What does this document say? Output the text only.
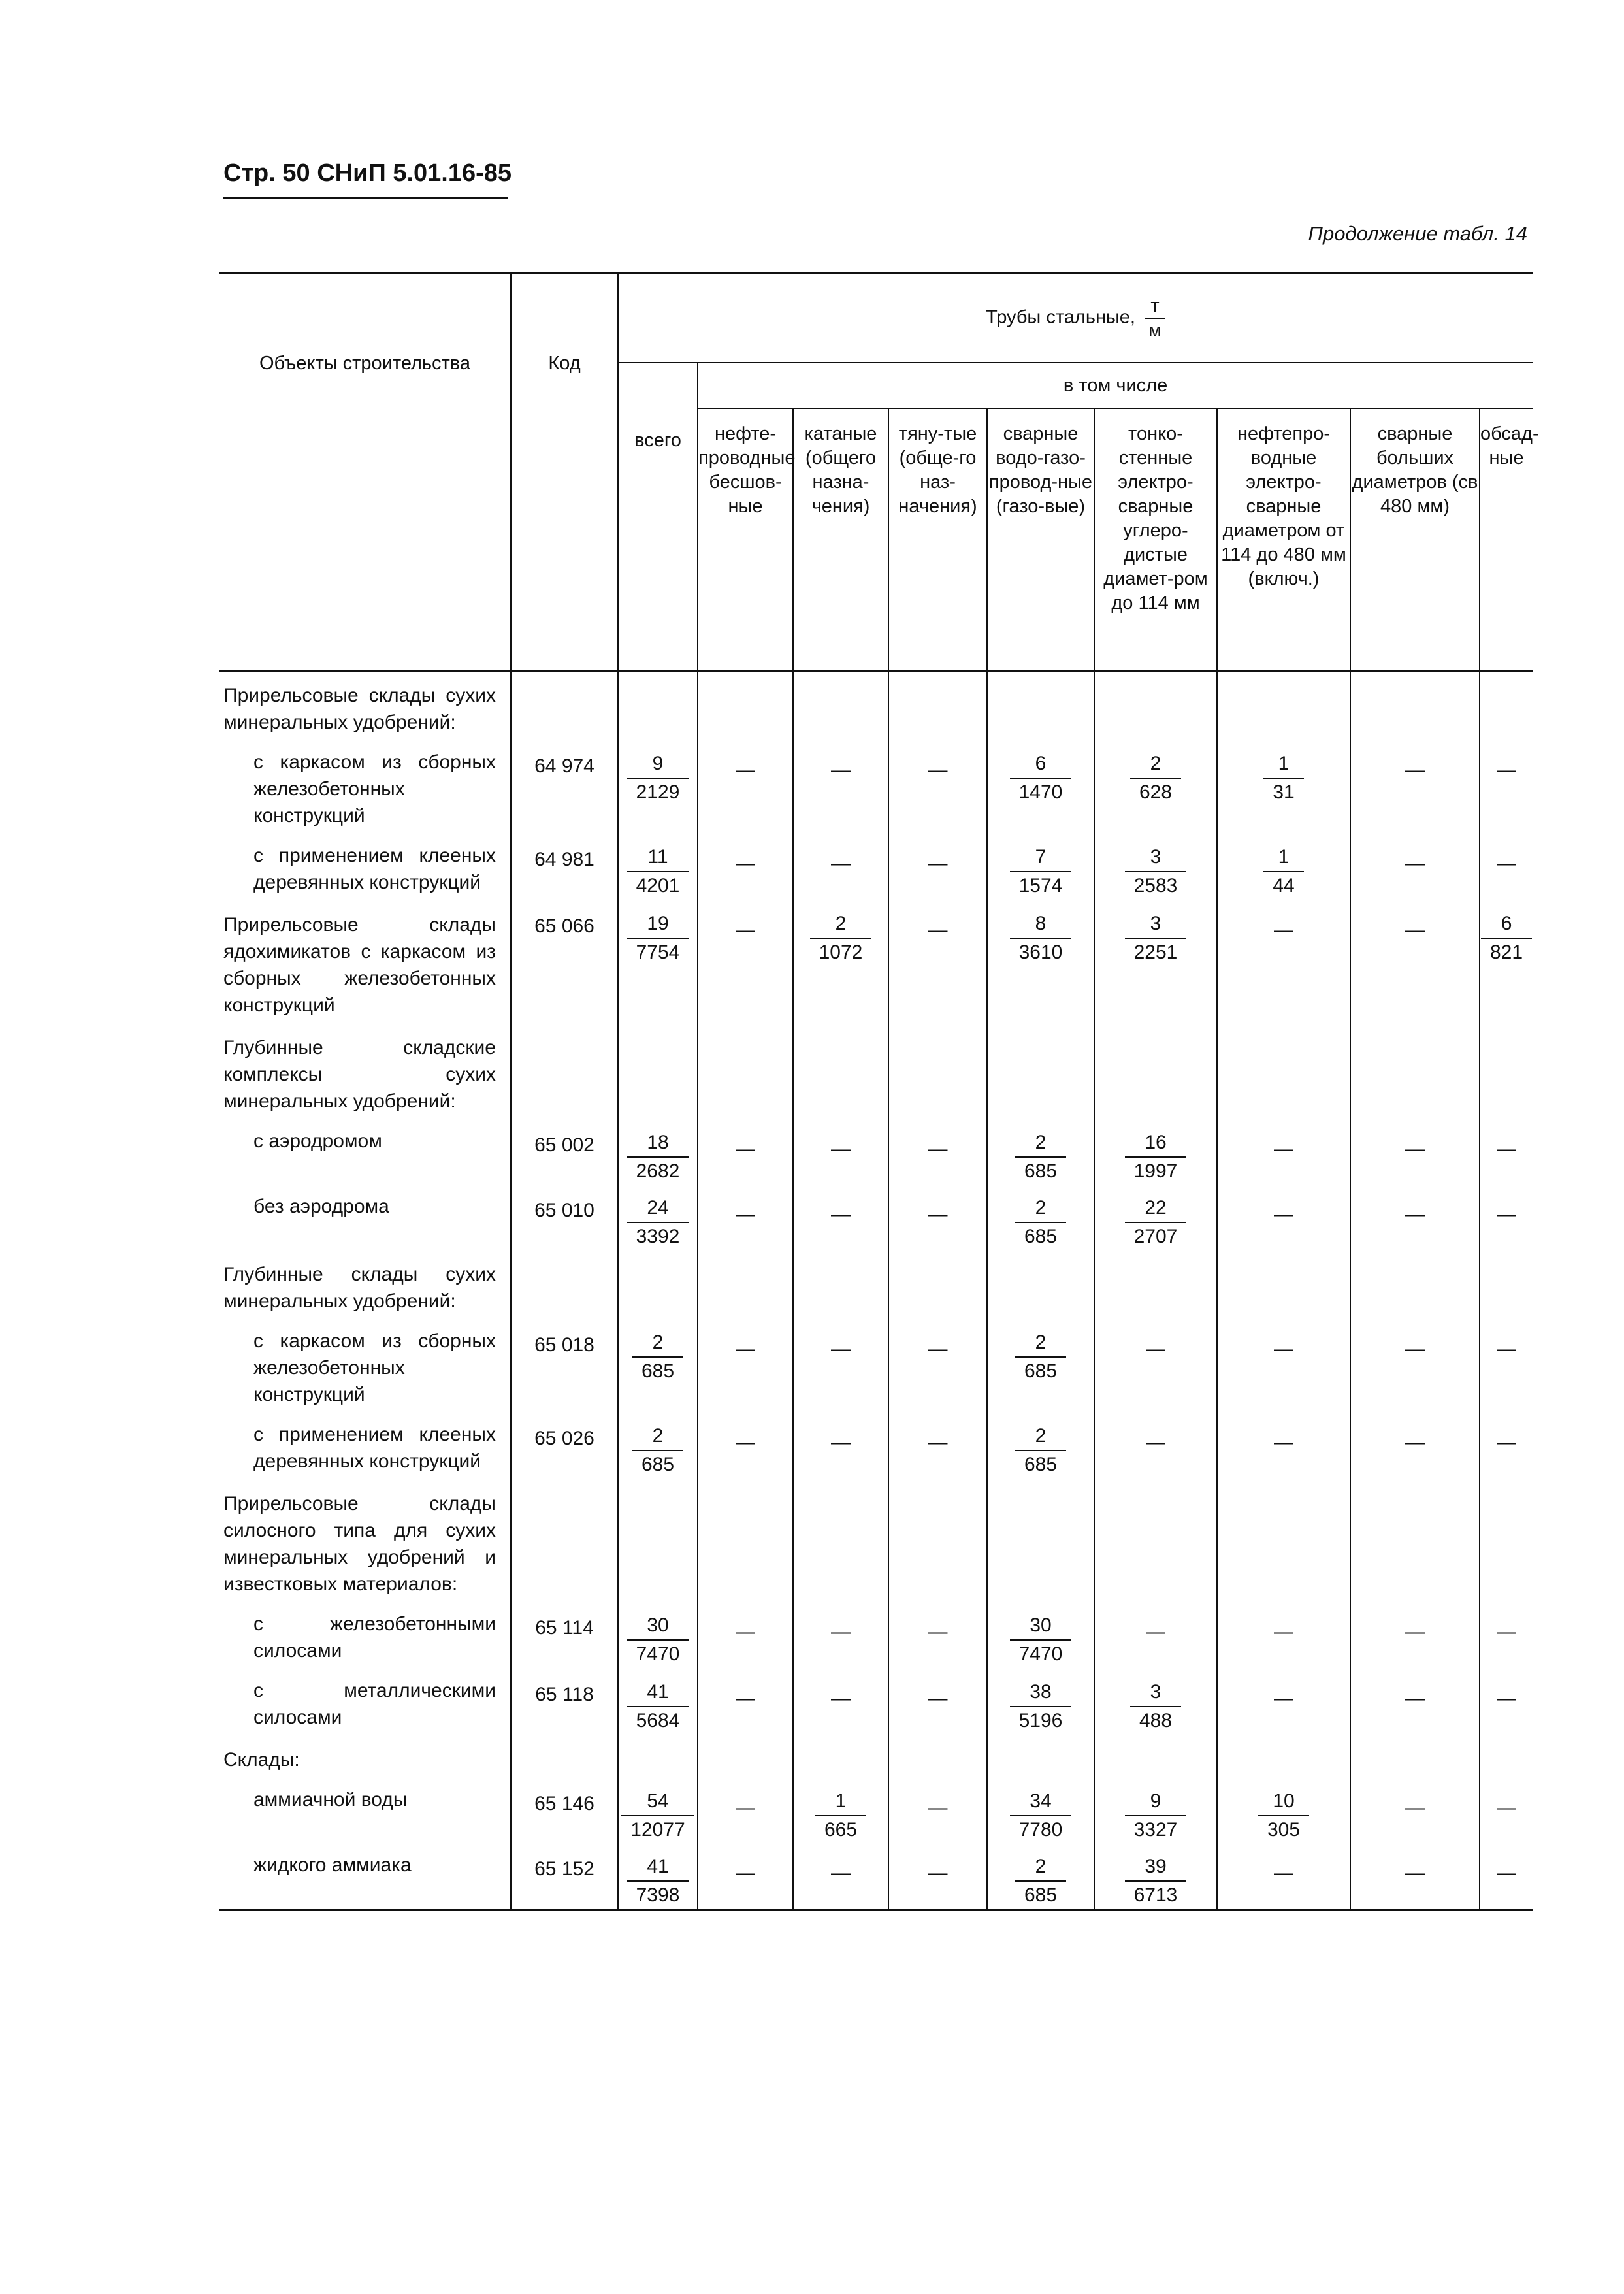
Стр. 50 СНиП 5.01.16-85
Продолжение табл. 14
Объекты строительства	Код	Трубы стальные, $\frac{т}{м}$

		всего	в том числе							
			нефте-проводные бесшов-ные	катаные (общего назна-чения)	тяну-тые (обще-го наз-начения)	сварные водо-газо-провод-ные (газо-вые)	тонко-стенные электро-сварные углеро-дистые диамет-ром до 114 мм	нефтепро-водные электро-сварные диаметром от 114 до 480 мм (включ.)	сварные больших диаметров (св 480 мм)	обсад-ные
Прирельсовые склады сухих минеральных удобрений:										
с каркасом из сборных железобетонных конструкций	64 974	$\frac{9}{2129}$	—	—	—	$\frac{6}{1470}$	$\frac{2}{628}$	$\frac{1}{31}$	—	—
с применением клееных деревянных конструкций	64 981	$\frac{11}{4201}$	—	—	—	$\frac{7}{1574}$	$\frac{3}{2583}$	$\frac{1}{44}$	—	—
Прирельсовые склады ядохимикатов с каркасом из сборных железобетонных конструкций	65 066	$\frac{19}{7754}$	—	$\frac{2}{1072}$	—	$\frac{8}{3610}$	$\frac{3}{2251}$	—	—	$\frac{6}{821}$

Глубинные складские комплексы сухих минеральных удобрений:										
с аэродромом	65 002	$\frac{18}{2682}$	—	—	—	$\frac{2}{685}$	$\frac{16}{1997}$	—	—	—
без аэродрома	65 010	$\frac{24}{3392}$	—	—	—	$\frac{2}{685}$	$\frac{22}{2707}$	—	—	—
Глубинные склады сухих минеральных удобрений:										
с каркасом из сборных железобетонных конструкций	65 018	$\frac{2}{685}$	—	—	—	$\frac{2}{685}$	—	—	—	—
с применением клееных деревянных конструкций	65 026	$\frac{2}{685}$	—	—	—	$\frac{2}{685}$	—	—	—	—
Прирельсовые склады силосного типа для сухих минеральных удобрений и известковых материалов:										
с железобетонными силосами	65 114	$\frac{30}{7470}$	—	—	—	$\frac{30}{7470}$	—	—	—	—
с металлическими силосами	65 118	$\frac{41}{5684}$	—	—	—	$\frac{38}{5196}$	$\frac{3}{488}$	—	—	—
Склады:										
аммиачной воды	65 146	$\frac{54}{12077}$	—	$\frac{1}{665}$	—	$\frac{34}{7780}$	$\frac{9}{3327}$	$\frac{10}{305}$	—	—
жидкого аммиака	65 152	$\frac{41}{7398}$	—	—	—	$\frac{2}{685}$	$\frac{39}{6713}$	—	—	—
